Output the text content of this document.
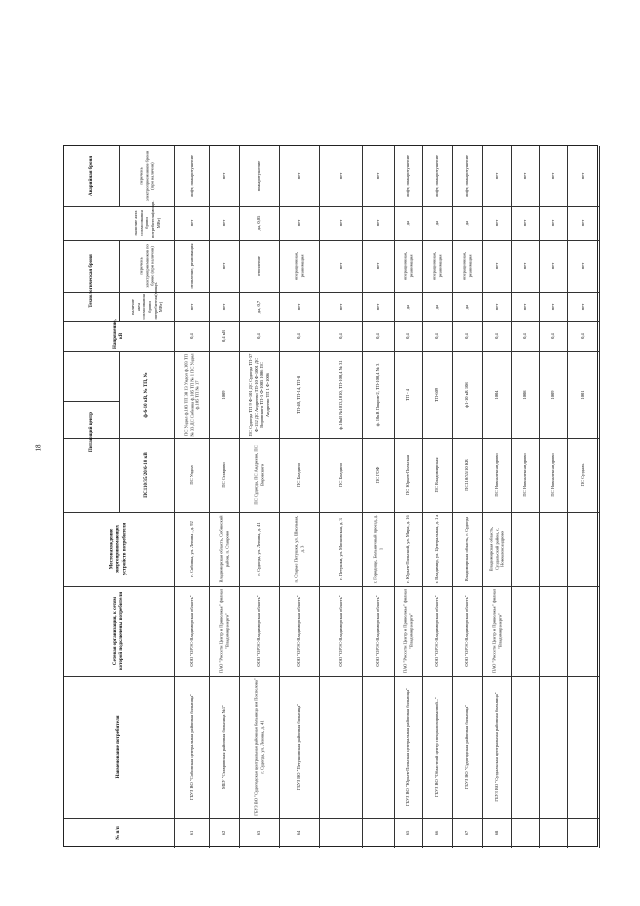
18
№ п/п
Наименование потребителя
Сетевая организация, к сетям которой подключены потребители
Местонахождение энергопринимающих устройств потребителя
Питающий центр
ПС110/35/20/6-10 кВ
ф-6-10 кВ, № ТП, №
Напряжение, кВ
Технологическая броня	наличие акта согласования брони потребителя(мощн. МВт)
перечень электроприемников по броне (при наличии)
Аварийная броня
наличие акта согласования брони потребителя(мощн. МВт)
перечень электроприемников брони (при наличии)
61
ГБУЗ ВО "Собинская центральная районная больница"
ООО "ОРЭС-Владимирская область"
г. Собинка, ул. Ленина , д. 92
ПС Ундол
ПС Ундол ф.103 ТП 38 13 Ундол ф.103 ТП № 33 ДС Собинка ф.105 ТП № 1 ПС Ундол ф.105 ТП № 17
0,4
нет
отопление, реанимация
нет
лифт, пожаротушение
62
МБУ "Ставровская районная больница №1"
ПАО "Россети Центр и Приволжье" филиал "Владимирэнерго"
Владимирская область, Собинский район, п. Ставрово
ПС Ставрово
1009
0,4 кВ
нет
нет
нет
нет
63
ГБУЗ ВО "Судогодская центральная районная больница им Поспелова" г. Судогда, ул. Ленина, д. 41
ООО "ОРЭС-Владимирская область"
г. Судогда, ул. Ленина, д. 41
ПС Судогда, ПС Андреево, ПС Воровского
ПС Судогда ТП 9 Ф-101 ДС Судогда ТП-37 Ф-152 ДС Андреево ТП-10 Ф-1001 ДС Воровского ТП-3 Ф-1005 1006 ПС Андреево ТП 1 Ф-1006
0,4
да, 0,7
отопление
да, 0,05
пожаротушение
64
ГБУЗ ВО "Петушинская районная больница"
ООО "ОРЭС-Владимирская область"
п. Старые Петушки, ул. Школьная, д. 3
ПС Болдино
ТП-40, ТП-14, ТП-8
0,4
нет
операционная, реанимация
нет
нет
ООО "ОРЭС-Владимирская область"
г. Петушки, ул. Московская, д. 3
ПС Болдино
ф.10кВ №1013,1010, ТП-100,4 № 31
0,4
нет
нет
нет
нет
ООО "ОРЭС-Владимирская область"
г. Городище, Больничный проезд, д. 1
ПС ГОФ
ф. 10кВ Покров-2, ТП-100,4 № 3
0,4
нет
нет
нет
нет
65
ГБУЗ ВО "Юрьев-Польская центральная районная больница"
ПАО "Россети Центр и Приволжье" филиал "Владимирэнерго"
г. Юрьев-Польский, ул. Мира, д. 16
ПС Юрьев-Польская
ТП - 4
0,4
да
операционная, реанимация
да
лифт, пожаротушение
66
ГБУЗ ВО "Областной центр специализированной..."
ООО "ОРЭС-Владимирская область"
г. Владимир, ул. Центральная, д. 1 а
ПС Владимирская
ТП-609
0,4
да
операционная, реанимация
да
лифт, пожаротушение
67
ГБУЗ ВО "Судогодская районная больница"
ООО "ОРЭС-Владимирская область"
Владимирская область, г. Судогда
ПС110/35/10 КВ
ф1-10 кВ 108
0,4
да
операционная, реанимация
да
лифт, пожаротушение
68
ГБУЗ ВО "Суздальская центральная районная больница"
ПАО "Россети Центр и Приволжье" филиал "Владимирэнерго"
Владимирская область, Суздальский район, с. Новоалександрово
ПС Новоалександрово
1004
0,4
нет
нет
нет
нет
ПС Новоалександрово
1008
0,4
нет
нет
нет
нет
ПС Новоалександрово
1009
0,4
нет
нет
нет
нет
ПС Суздаль
1001
0,4
нет
нет
нет
нет
